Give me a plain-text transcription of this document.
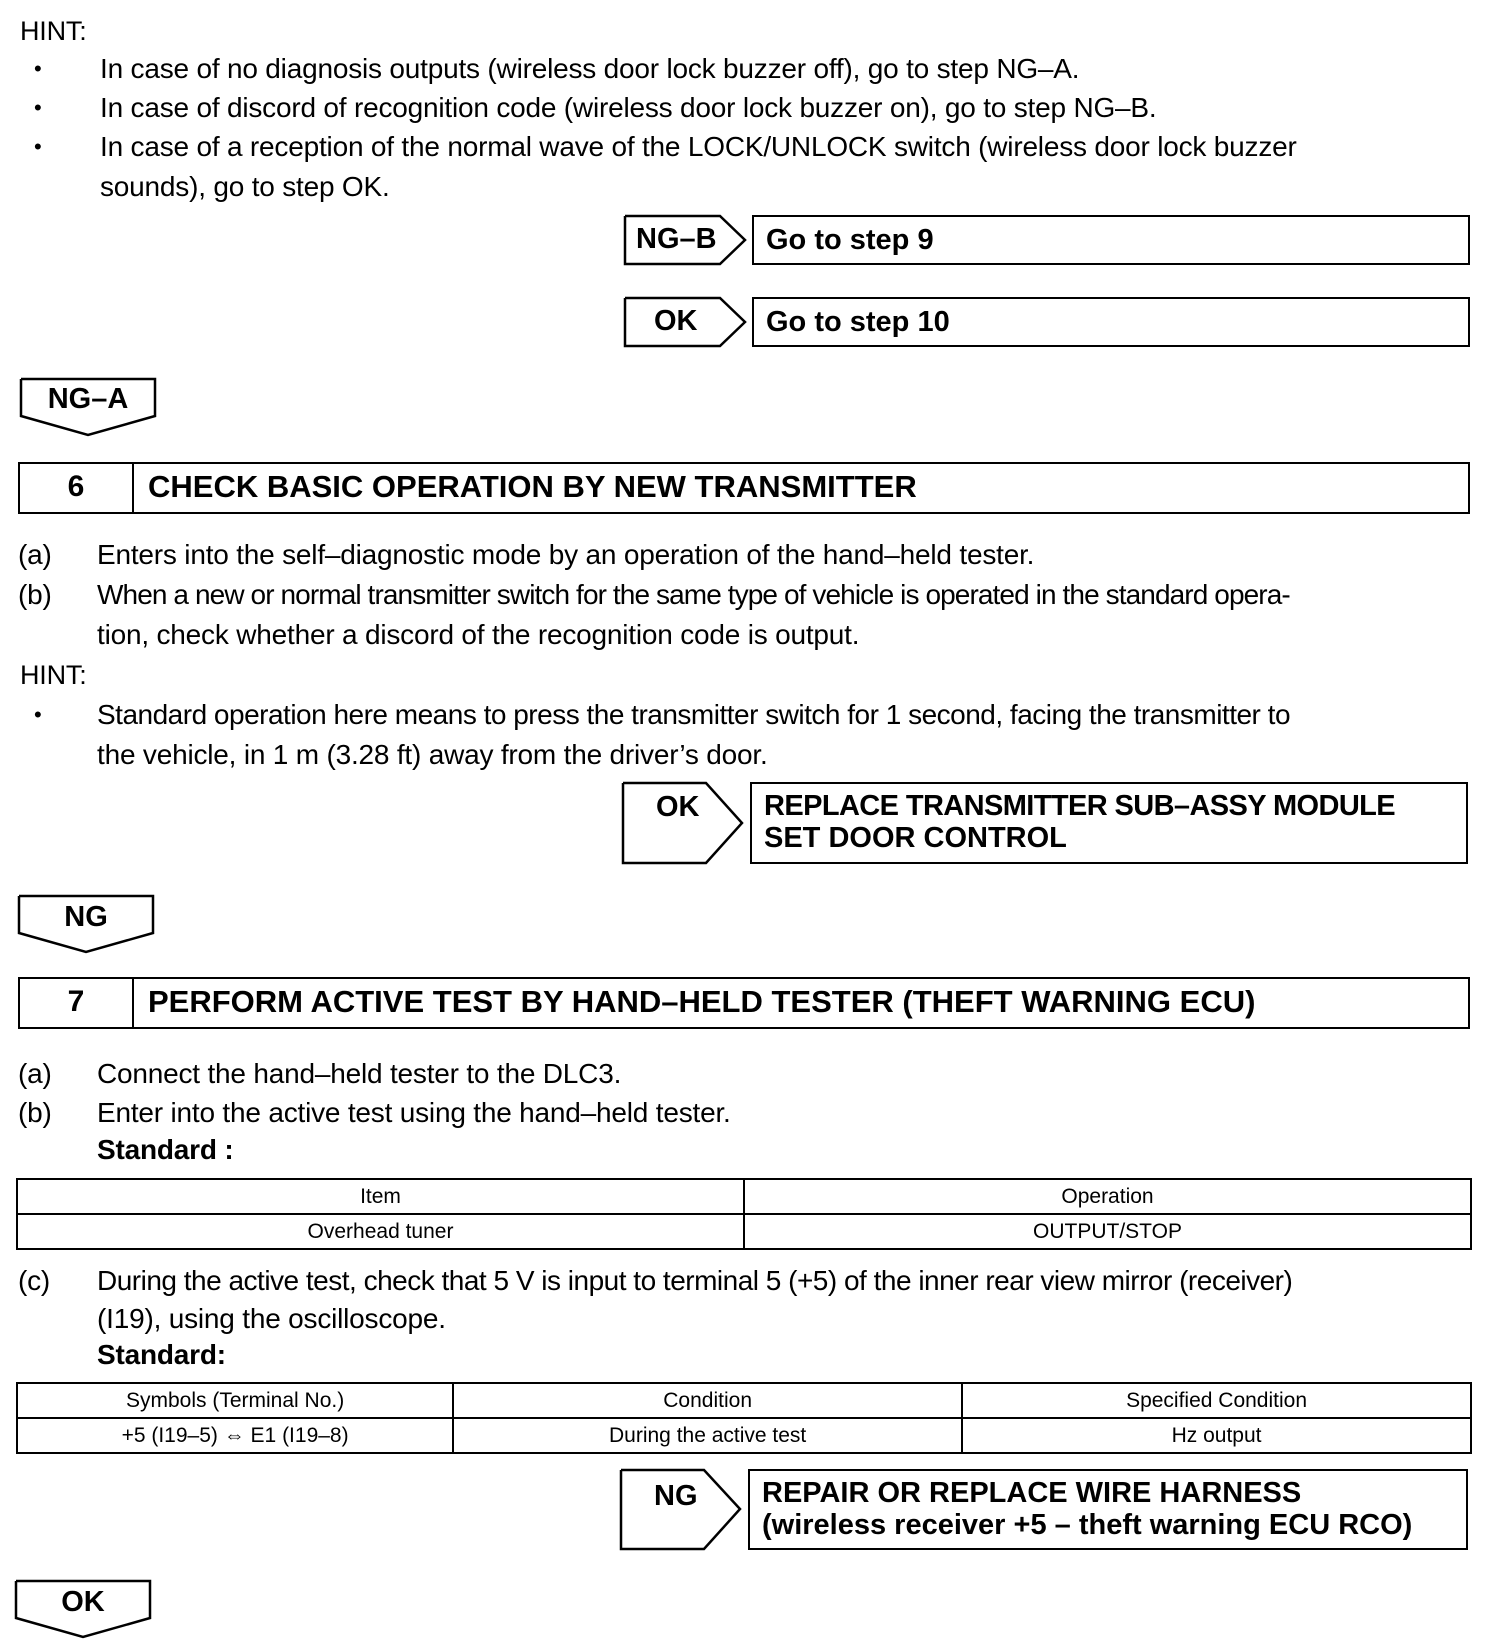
HINT:
• In case of no diagnosis outputs (wireless door lock buzzer off), go to step NG–A.
• In case of discord of recognition code (wireless door lock buzzer on), go to step NG–B.
• In case of a reception of the normal wave of the LOCK/UNLOCK switch (wireless door lock buzzer
sounds), go to step OK.
NG–B Go to step 9
OK Go to step 10
NG–A
6	CHECK BASIC OPERATION BY NEW TRANSMITTER
(a) Enters into the self–diagnostic mode by an operation of the hand–held tester.
(b) When a new or normal transmitter switch for the same type of vehicle is operated in the standard opera-
tion, check whether a discord of the recognition code is output.
HINT:
• Standard operation here means to press the transmitter switch for 1 second, facing the transmitter to
the vehicle, in 1 m (3.28 ft) away from the driver’s door.
OK REPLACE TRANSMITTER SUB–ASSY MODULE
SET DOOR CONTROL
NG
7	PERFORM ACTIVE TEST BY HAND–HELD TESTER (THEFT WARNING ECU)
(a) Connect the hand–held tester to the DLC3.
(b) Enter into the active test using the hand–held tester.
Standard :
Item	Operation
Overhead tuner	OUTPUT/STOP
(c) During the active test, check that 5 V is input to terminal 5 (+5) of the inner rear view mirror (receiver)
(I19), using the oscilloscope.
Standard:
Symbols (Terminal No.)	Condition	Specified Condition
+5 (I19–5) ⇔ E1 (I19–8)	During the active test	Hz output
NG REPAIR OR REPLACE WIRE HARNESS
(wireless receiver +5 – theft warning ECU RCO)
OK
